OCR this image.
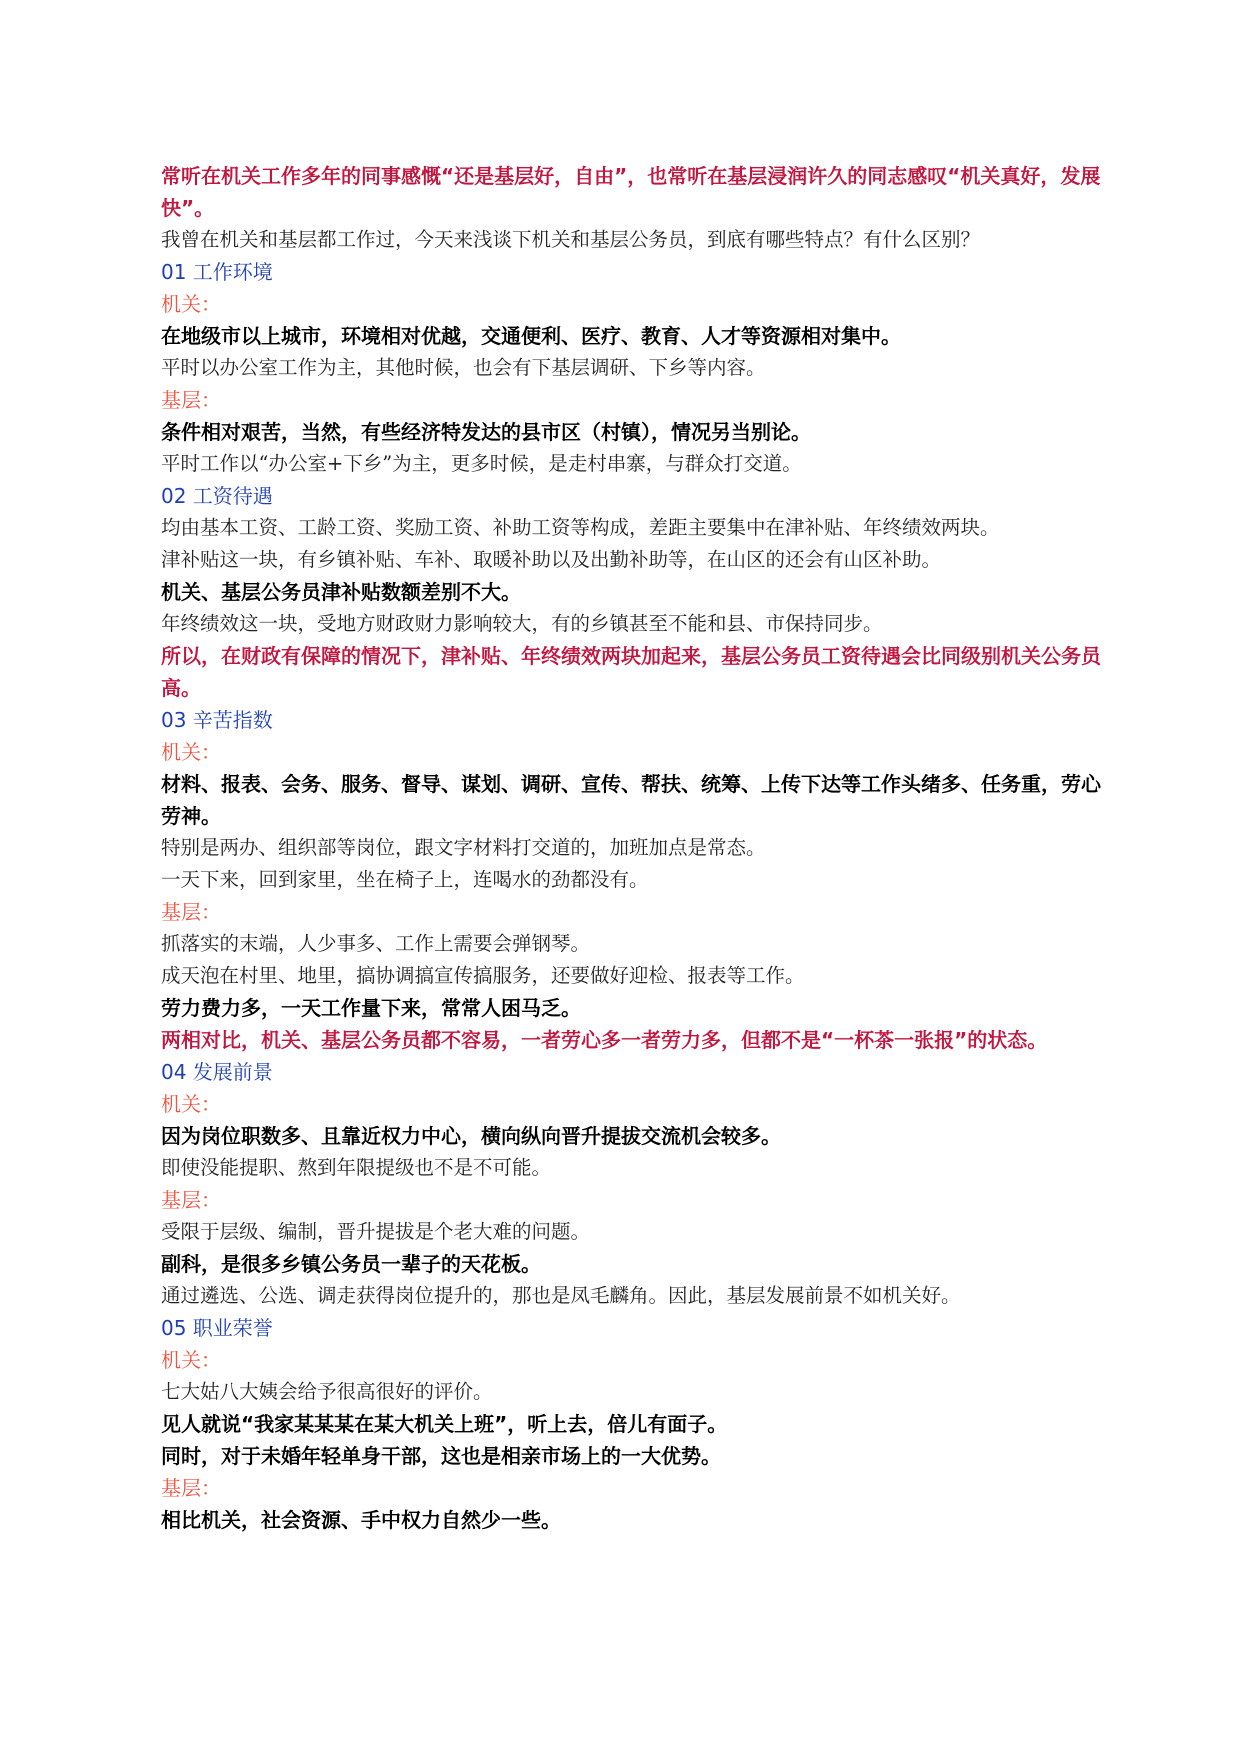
常听在机关工作多年的同事感慨“还是基层好，自由”，也常听在基层浸润许久的同志感叹“机关真好，发展快”。

我曾在机关和基层都工作过，今天来浅谈下机关和基层公务员，到底有哪些特点？有什么区别？

01 工作环境

机关：

在地级市以上城市，环境相对优越，交通便利、医疗、教育、人才等资源相对集中。

平时以办公室工作为主，其他时候，也会有下基层调研、下乡等内容。

基层：

条件相对艰苦，当然，有些经济特发达的县市区（村镇），情况另当别论。

平时工作以“办公室+下乡”为主，更多时候，是走村串寨，与群众打交道。

02 工资待遇

均由基本工资、工龄工资、奖励工资、补助工资等构成，差距主要集中在津补贴、年终绩效两块。

津补贴这一块，有乡镇补贴、车补、取暖补助以及出勤补助等，在山区的还会有山区补助。

机关、基层公务员津补贴数额差别不大。

年终绩效这一块，受地方财政财力影响较大，有的乡镇甚至不能和县、市保持同步。

所以，在财政有保障的情况下，津补贴、年终绩效两块加起来，基层公务员工资待遇会比同级别机关公务员高。

03 辛苦指数

机关：

材料、报表、会务、服务、督导、谋划、调研、宣传、帮扶、统筹、上传下达等工作头绪多、任务重，劳心劳神。

特别是两办、组织部等岗位，跟文字材料打交道的，加班加点是常态。

一天下来，回到家里，坐在椅子上，连喝水的劲都没有。

基层：

抓落实的末端，人少事多、工作上需要会弹钢琴。

成天泡在村里、地里，搞协调搞宣传搞服务，还要做好迎检、报表等工作。

劳力费力多，一天工作量下来，常常人困马乏。

两相对比，机关、基层公务员都不容易，一者劳心多一者劳力多，但都不是“一杯茶一张报”的状态。

04 发展前景

机关：

因为岗位职数多、且靠近权力中心，横向纵向晋升提拔交流机会较多。

即使没能提职、熬到年限提级也不是不可能。

基层：

受限于层级、编制，晋升提拔是个老大难的问题。

副科，是很多乡镇公务员一辈子的天花板。

通过遴选、公选、调走获得岗位提升的，那也是凤毛麟角。因此，基层发展前景不如机关好。

05 职业荣誉

机关：

七大姑八大姨会给予很高很好的评价。

见人就说“我家某某某在某大机关上班”，听上去，倍儿有面子。

同时，对于未婚年轻单身干部，这也是相亲市场上的一大优势。

基层：

相比机关，社会资源、手中权力自然少一些。
